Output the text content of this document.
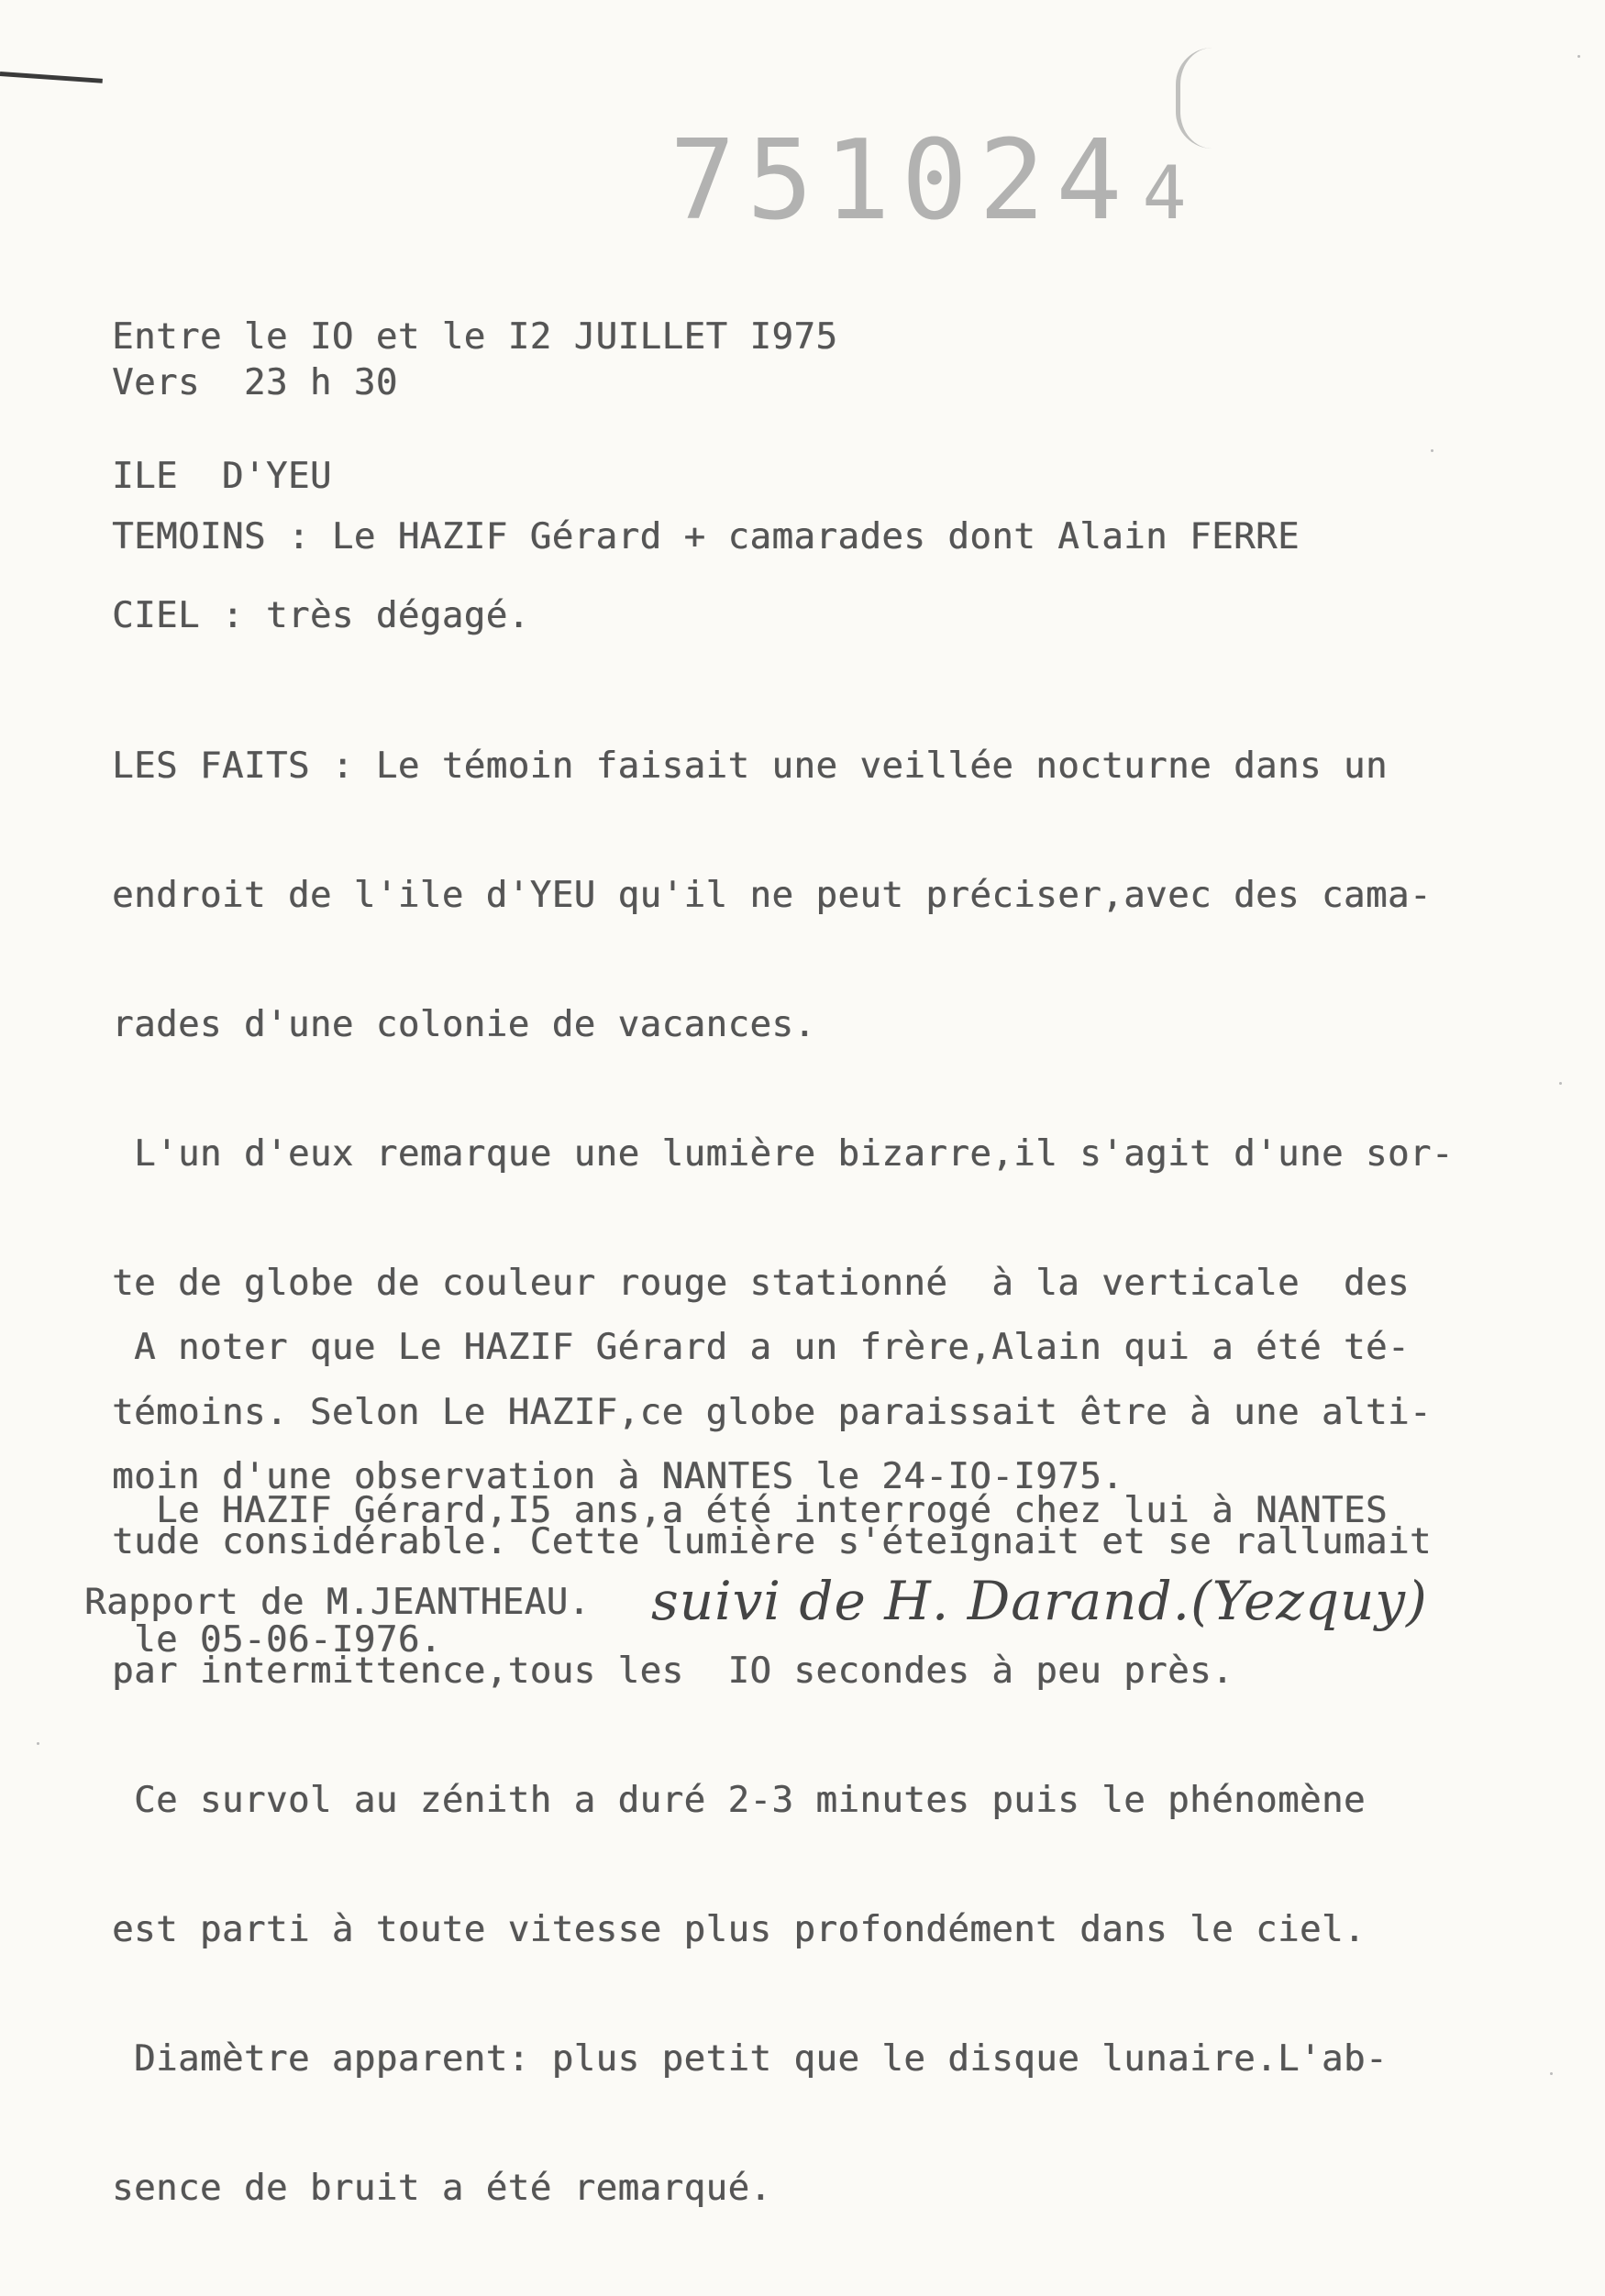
751024 4
Entre le IO et le I2 JUILLET I975
Vers  23 h 30
ILE  D'YEU
TEMOINS : Le HAZIF Gérard + camarades dont Alain FERRE
CIEL : très dégagé.

LES FAITS : Le témoin faisait une veillée nocturne dans un

endroit de l'ile d'YEU qu'il ne peut préciser,avec des cama-

rades d'une colonie de vacances.

L'un d'eux remarque une lumière bizarre,il s'agit d'une sor-

te de globe de couleur rouge stationné  à la verticale  des

témoins. Selon Le HAZIF,ce globe paraissait être à une alti-

tude considérable. Cette lumière s'éteignait et se rallumait

par intermittence,tous les  IO secondes à peu près.

Ce survol au zénith a duré 2-3 minutes puis le phénomène

est parti à toute vitesse plus profondément dans le ciel.

Diamètre apparent: plus petit que le disque lunaire.L'ab-

sence de bruit a été remarqué.

A noter que Le HAZIF Gérard a un frère,Alain qui a été té-

moin d'une observation à NANTES le 24-IO-I975.

Le HAZIF Gérard,I5 ans,a été interrogé chez lui à NANTES

le 05-06-I976.

Rapport de M.JEANTHEAU. suivi de H. Darand.(Yezquy)
